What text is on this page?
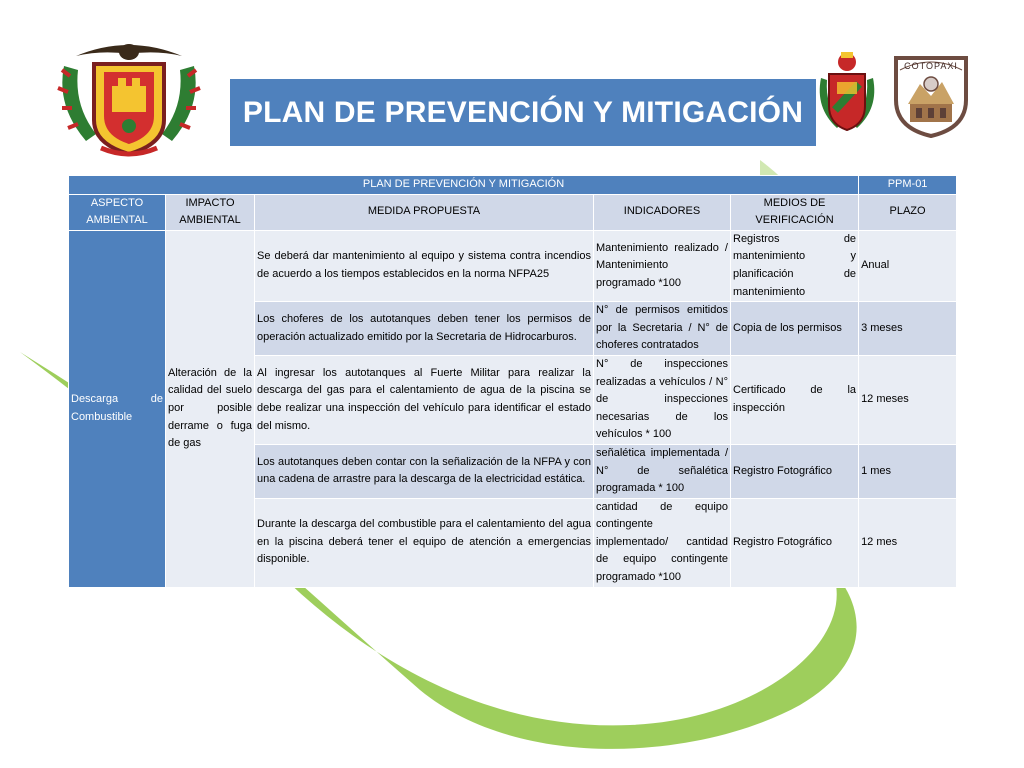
PLAN DE PREVENCIÓN Y MITIGACIÓN
COTOPAXI
PLAN DE PREVENCIÓN Y MITIGACIÓN					PPM-01
ASPECTO AMBIENTAL	IMPACTO AMBIENTAL	MEDIDA PROPUESTA	INDICADORES	MEDIOS DE VERIFICACIÓN	PLAZO
Descarga de Combustible	Alteración de la calidad del suelo por posible derrame o fuga de gas	Se deberá dar mantenimiento al equipo y sistema contra incendios de acuerdo a los tiempos establecidos en la norma NFPA25	Mantenimiento realizado / Mantenimiento programado *100	Registros de mantenimiento y planificación de mantenimiento	Anual
		Los choferes de los autotanques deben tener los permisos de operación actualizado emitido por la Secretaria de Hidrocarburos.	N° de permisos emitidos por la Secretaria / N° de choferes contratados	Copia de los permisos	3 meses
		Al ingresar los autotanques al Fuerte Militar para realizar la descarga del gas para el calentamiento de agua de la piscina se debe realizar una inspección del vehículo para identificar el estado del mismo.	N° de inspecciones realizadas a vehículos / N° de inspecciones necesarias de los vehículos * 100	Certificado de la inspección	12 meses
		Los autotanques deben contar con la señalización de la NFPA y con una cadena de arrastre para la descarga de la electricidad estática.	señalética implementada / N° de señalética programada * 100	Registro Fotográfico	1 mes
		Durante la descarga del combustible para el calentamiento del agua en la piscina deberá tener el equipo de atención a emergencias disponible.	cantidad de equipo contingente implementado/ cantidad de equipo contingente programado *100	Registro Fotográfico	12 mes
